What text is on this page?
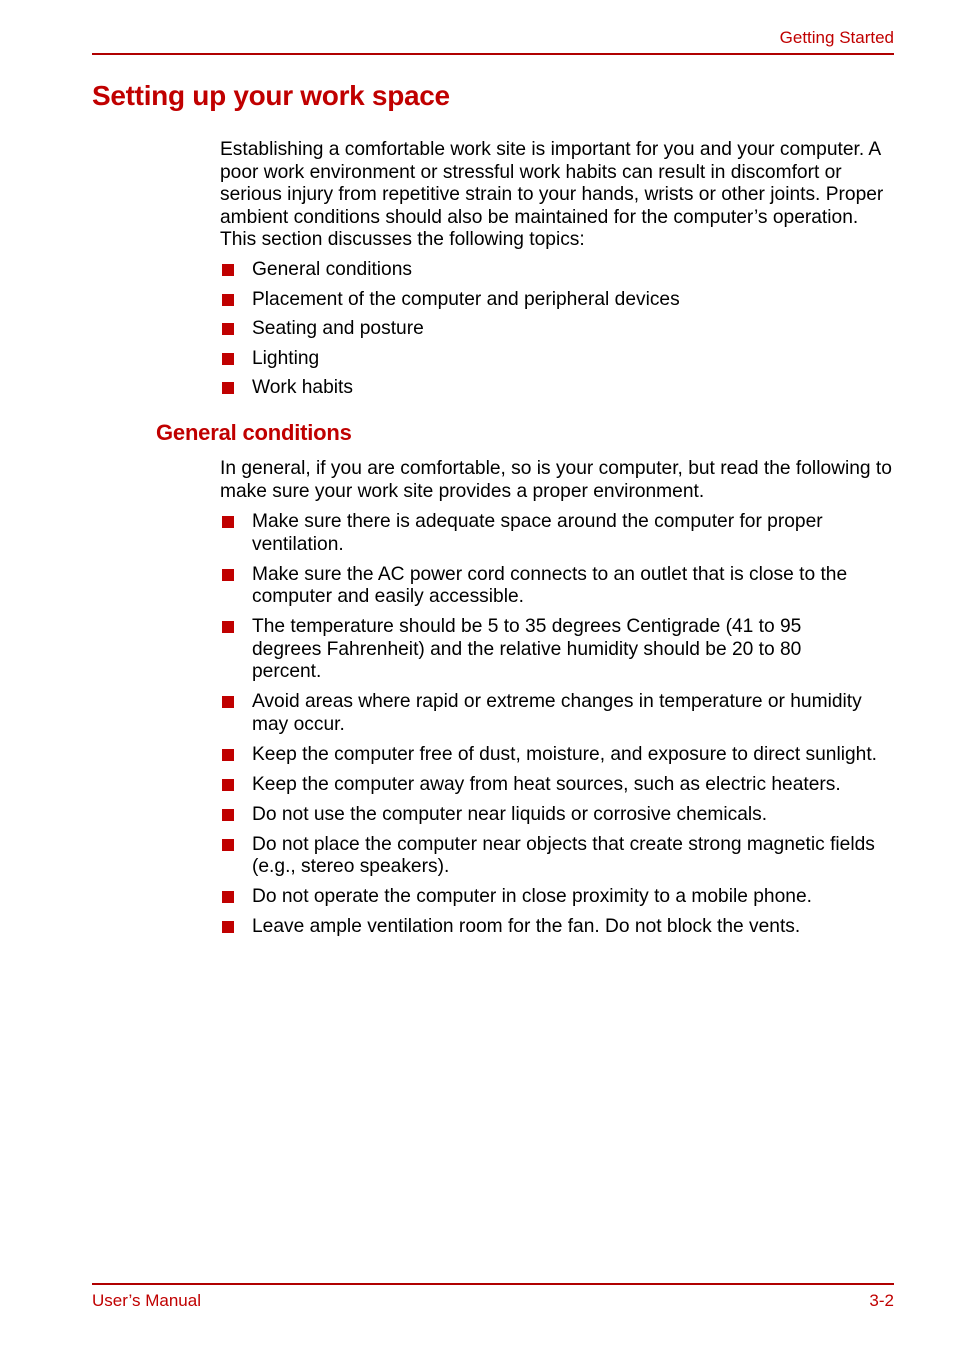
Getting Started
Setting up your work space

Establishing a comfortable work site is important for you and your computer. A poor work environment or stressful work habits can result in discomfort or serious injury from repetitive strain to your hands, wrists or other joints. Proper ambient conditions should also be maintained for the computer’s operation. This section discusses the following topics:

General conditions
Placement of the computer and peripheral devices
Seating and posture
Lighting
Work habits
General conditions

In general, if you are comfortable, so is your computer, but read the following to make sure your work site provides a proper environment.

Make sure there is adequate space around the computer for proper ventilation.
Make sure the AC power cord connects to an outlet that is close to the computer and easily accessible.
The temperature should be 5 to 35 degrees Centigrade (41 to 95 degrees Fahrenheit) and the relative humidity should be 20 to 80 percent.
Avoid areas where rapid or extreme changes in temperature or humidity may occur.
Keep the computer free of dust, moisture, and exposure to direct sunlight.
Keep the computer away from heat sources, such as electric heaters.
Do not use the computer near liquids or corrosive chemicals.
Do not place the computer near objects that create strong magnetic fields (e.g., stereo speakers).
Do not operate the computer in close proximity to a mobile phone.
Leave ample ventilation room for the fan. Do not block the vents.
User’s Manual	3-2
